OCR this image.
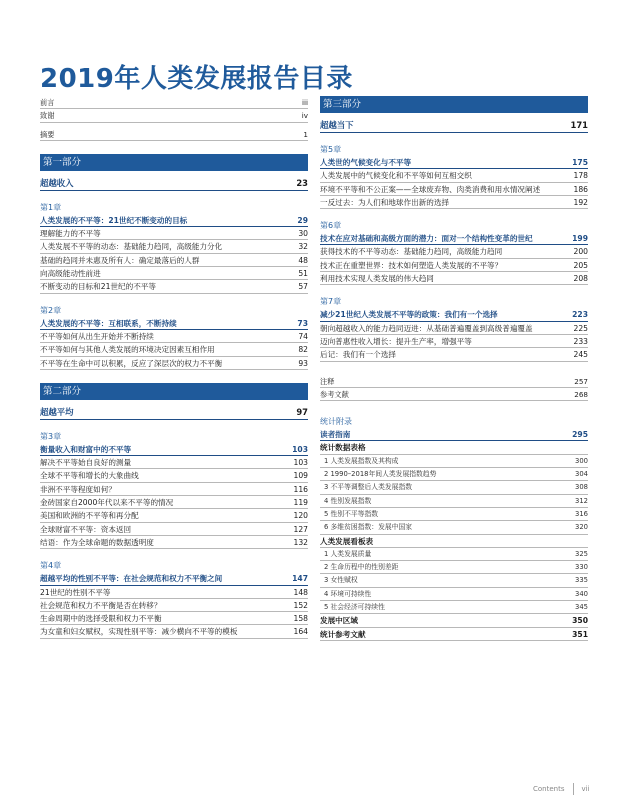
2019年人类发展报告目录
前言	iii
致谢	iv
摘要	1
第一部分
超越收入	23
第1章
人类发展的不平等：21世纪不断变动的目标	29
理解能力的不平等	30
人类发展不平等的动态：基础能力趋同，高级能力分化	32
基础的趋同并未惠及所有人：确定最落后的人群	48
向高级能动性前进	51
不断变动的目标和21世纪的不平等	57
第2章
人类发展的不平等：互相联系，不断持续	73
不平等如何从出生开始并不断持续	74
不平等如何与其他人类发展的环境决定因素互相作用	82
不平等在生命中可以积累，反应了深层次的权力不平衡	93
第二部分
超越平均	97
第3章
衡量收入和财富中的不平等	103
解决不平等始自良好的测量	103
全球不平等和增长的大象曲线	109
非洲不平等程度如何？	116
金砖国家自2000年代以来不平等的情况	119
美国和欧洲的不平等和再分配	120
全球财富不平等：资本返回	127
结语：作为全球命题的数据透明度	132
第4章
超越平均的性别不平等：在社会规范和权力不平衡之间	147
21世纪的性别不平等	148
社会规范和权力不平衡是否在转移？	152
生命周期中的选择受限和权力不平衡	158
为女童和妇女赋权，实现性别平等：减少横向不平等的模板	164
第三部分
超越当下	171
第5章
人类世的气候变化与不平等	175
人类发展中的气候变化和不平等如何互相交织	178
环境不平等和不公正案——全球废弃物、肉类消费和用水情况阐述	186
一反过去：为人们和地球作出新的选择	192
第6章
技术在应对基础和高级方面的潜力：面对一个结构性变革的世纪	199
获得技术的不平等动态：基础能力趋同，高级能力趋同	200
技术正在重塑世界：技术如何塑造人类发展的不平等？	205
利用技术实现人类发展的伟大趋同	208
第7章
减少21世纪人类发展不平等的政策：我们有一个选择	223
朝向超越收入的能力趋同迈进：从基础普遍覆盖到高级普遍覆盖	225
迈向普惠性收入增长：提升生产率，增强平等	233
后记：我们有一个选择	245
注释	257
参考文献	268
统计附录
读者指南	295
统计数据表格
1 人类发展指数及其构成	300
2 1990–2018年间人类发展指数趋势	304
3 不平等调整后人类发展指数	308
4 性别发展指数	312
5 性别不平等指数	316
6 多维贫困指数：发展中国家	320
人类发展看板表
1 人类发展质量	325
2 生命历程中的性别差距	330
3 女性赋权	335
4 环境可持续性	340
5 社会经济可持续性	345
发展中区域	350
统计参考文献	351
Contents vii
